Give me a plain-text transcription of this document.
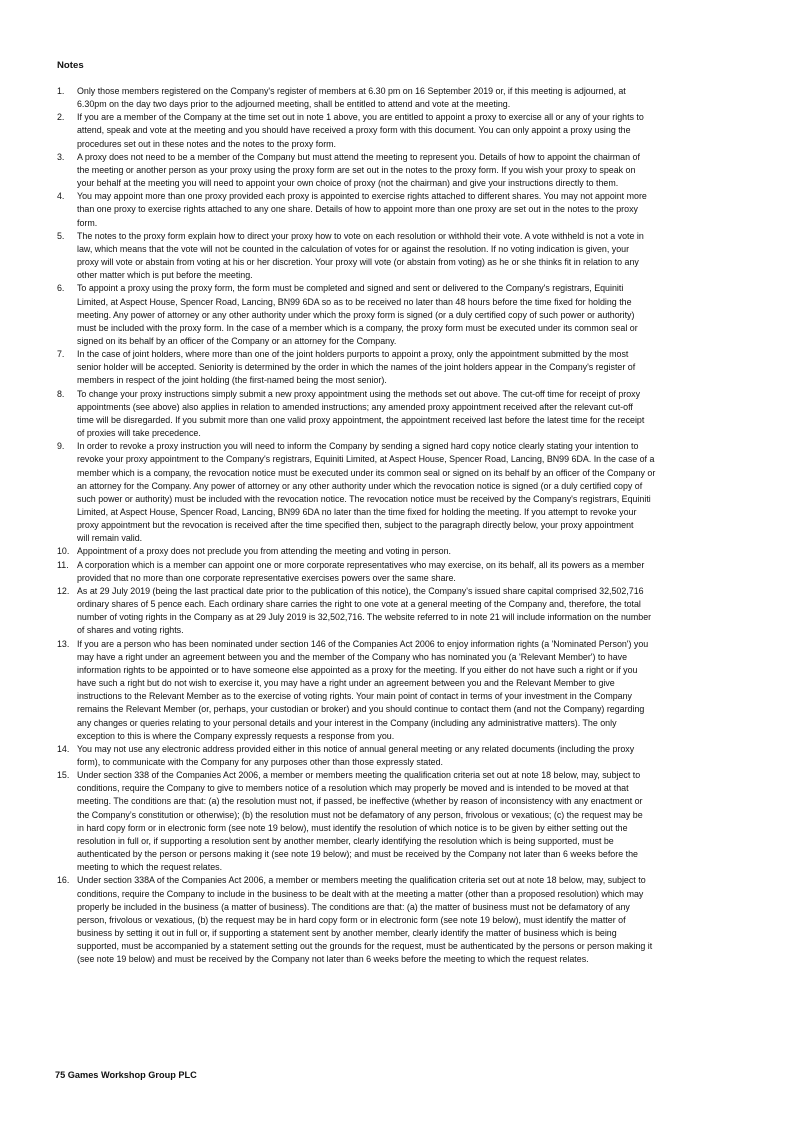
Notes
1. Only those members registered on the Company's register of members at 6.30 pm on 16 September 2019 or, if this meeting is adjourned, at
6.30pm on the day two days prior to the adjourned meeting, shall be entitled to attend and vote at the meeting.
2. If you are a member of the Company at the time set out in note 1 above, you are entitled to appoint a proxy to exercise all or any of your rights to
attend, speak and vote at the meeting and you should have received a proxy form with this document. You can only appoint a proxy using the
procedures set out in these notes and the notes to the proxy form.
3. A proxy does not need to be a member of the Company but must attend the meeting to represent you. Details of how to appoint the chairman of
the meeting or another person as your proxy using the proxy form are set out in the notes to the proxy form. If you wish your proxy to speak on
your behalf at the meeting you will need to appoint your own choice of proxy (not the chairman) and give your instructions directly to them.
4. You may appoint more than one proxy provided each proxy is appointed to exercise rights attached to different shares. You may not appoint more
than one proxy to exercise rights attached to any one share. Details of how to appoint more than one proxy are set out in the notes to the proxy
form.
5. The notes to the proxy form explain how to direct your proxy how to vote on each resolution or withhold their vote. A vote withheld is not a vote in
law, which means that the vote will not be counted in the calculation of votes for or against the resolution. If no voting indication is given, your
proxy will vote or abstain from voting at his or her discretion. Your proxy will vote (or abstain from voting) as he or she thinks fit in relation to any
other matter which is put before the meeting.
6. To appoint a proxy using the proxy form, the form must be completed and signed and sent or delivered to the Company's registrars, Equiniti
Limited, at Aspect House, Spencer Road, Lancing, BN99 6DA so as to be received no later than 48 hours before the time fixed for holding the
meeting. Any power of attorney or any other authority under which the proxy form is signed (or a duly certified copy of such power or authority)
must be included with the proxy form. In the case of a member which is a company, the proxy form must be executed under its common seal or
signed on its behalf by an officer of the Company or an attorney for the Company.
7. In the case of joint holders, where more than one of the joint holders purports to appoint a proxy, only the appointment submitted by the most
senior holder will be accepted. Seniority is determined by the order in which the names of the joint holders appear in the Company's register of
members in respect of the joint holding (the first-named being the most senior).
8. To change your proxy instructions simply submit a new proxy appointment using the methods set out above. The cut-off time for receipt of proxy
appointments (see above) also applies in relation to amended instructions; any amended proxy appointment received after the relevant cut-off
time will be disregarded. If you submit more than one valid proxy appointment, the appointment received last before the latest time for the receipt
of proxies will take precedence.
9. In order to revoke a proxy instruction you will need to inform the Company by sending a signed hard copy notice clearly stating your intention to
revoke your proxy appointment to the Company's registrars, Equiniti Limited, at Aspect House, Spencer Road, Lancing, BN99 6DA. In the case of a
member which is a company, the revocation notice must be executed under its common seal or signed on its behalf by an officer of the Company or
an attorney for the Company. Any power of attorney or any other authority under which the revocation notice is signed (or a duly certified copy of
such power or authority) must be included with the revocation notice. The revocation notice must be received by the Company's registrars, Equiniti
Limited, at Aspect House, Spencer Road, Lancing, BN99 6DA no later than the time fixed for holding the meeting. If you attempt to revoke your
proxy appointment but the revocation is received after the time specified then, subject to the paragraph directly below, your proxy appointment
will remain valid.
10. Appointment of a proxy does not preclude you from attending the meeting and voting in person.
11. A corporation which is a member can appoint one or more corporate representatives who may exercise, on its behalf, all its powers as a member
provided that no more than one corporate representative exercises powers over the same share.
12. As at 29 July 2019 (being the last practical date prior to the publication of this notice), the Company's issued share capital comprised 32,502,716
ordinary shares of 5 pence each. Each ordinary share carries the right to one vote at a general meeting of the Company and, therefore, the total
number of voting rights in the Company as at 29 July 2019 is 32,502,716. The website referred to in note 21 will include information on the number
of shares and voting rights.
13. If you are a person who has been nominated under section 146 of the Companies Act 2006 to enjoy information rights (a 'Nominated Person') you
may have a right under an agreement between you and the member of the Company who has nominated you (a 'Relevant Member') to have
information rights to be appointed or to have someone else appointed as a proxy for the meeting. If you either do not have such a right or if you
have such a right but do not wish to exercise it, you may have a right under an agreement between you and the Relevant Member to give
instructions to the Relevant Member as to the exercise of voting rights. Your main point of contact in terms of your investment in the Company
remains the Relevant Member (or, perhaps, your custodian or broker) and you should continue to contact them (and not the Company) regarding
any changes or queries relating to your personal details and your interest in the Company (including any administrative matters). The only
exception to this is where the Company expressly requests a response from you.
14. You may not use any electronic address provided either in this notice of annual general meeting or any related documents (including the proxy
form), to communicate with the Company for any purposes other than those expressly stated.
15. Under section 338 of the Companies Act 2006, a member or members meeting the qualification criteria set out at note 18 below, may, subject to
conditions, require the Company to give to members notice of a resolution which may properly be moved and is intended to be moved at that
meeting. The conditions are that: (a) the resolution must not, if passed, be ineffective (whether by reason of inconsistency with any enactment or
the Company’s constitution or otherwise); (b) the resolution must not be defamatory of any person, frivolous or vexatious; (c) the request may be
in hard copy form or in electronic form (see note 19 below), must identify the resolution of which notice is to be given by either setting out the
resolution in full or, if supporting a resolution sent by another member, clearly identifying the resolution which is being supported, must be
authenticated by the person or persons making it (see note 19 below); and must be received by the Company not later than 6 weeks before the
meeting to which the request relates.
16. Under section 338A of the Companies Act 2006, a member or members meeting the qualification criteria set out at note 18 below, may, subject to
conditions, require the Company to include in the business to be dealt with at the meeting a matter (other than a proposed resolution) which may
properly be included in the business (a matter of business). The conditions are that: (a) the matter of business must not be defamatory of any
person, frivolous or vexatious, (b) the request may be in hard copy form or in electronic form (see note 19 below), must identify the matter of
business by setting it out in full or, if supporting a statement sent by another member, clearly identify the matter of business which is being
supported, must be accompanied by a statement setting out the grounds for the request, must be authenticated by the persons or person making it
(see note 19 below) and must be received by the Company not later than 6 weeks before the meeting to which the request relates.
75 Games Workshop Group PLC
